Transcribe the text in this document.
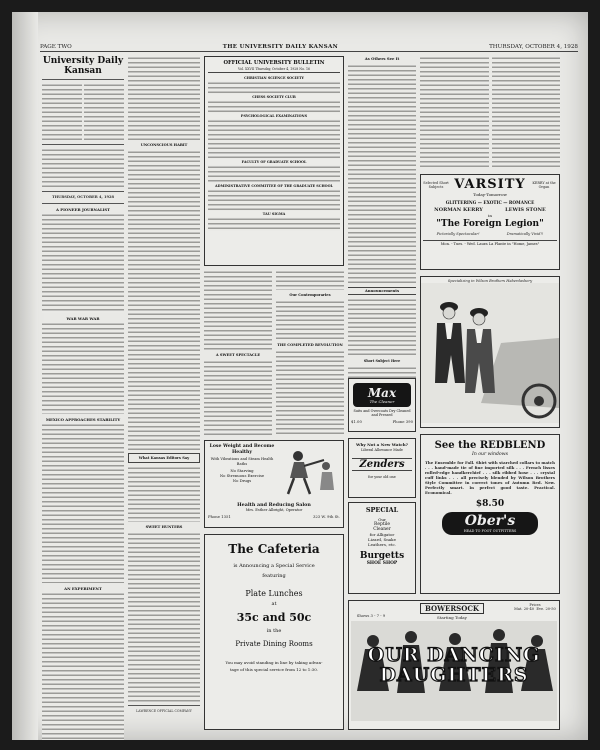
PAGE TWO	THE UNIVERSITY DAILY KANSAN	THURSDAY, OCTOBER 4, 1928
University Daily Kansan
THURSDAY, OCTOBER 4, 1928
A PIONEER JOURNALIST
WAR WAR WAR
MEXICO APPROACHES STABILITY
AN EXPERIMENT
UNCONSCIOUS HABIT
What Kansas Editors Say
SWEET HUNTERS
LAWRENCE OFFICIAL COMPANY
OFFICIAL UNIVERSITY BULLETIN
Vol. XXVII Thursday, October 4, 1928 No. 16
CHRISTIAN SCIENCE SOCIETY
CHESS SOCIETY CLUB
PSYCHOLOGICAL EXAMINATIONS
FACULTY OF GRADUATE SCHOOL
ADMINISTRATIVE COMMITTEE OF THE GRADUATE SCHOOL
TAU SIGMA
A SWEET SPECTACLE
Our Contemporaries
THE COMPLETED REVOLUTION
As Others See It
Announcements
Short Subject Here
Selected Short Subjects VARSITY	KERRY at the Organ
Today-Tomorrow
GLITTERING — EXOTIC — ROMANCE
NORMAN KERRY	LEWIS STONE
in
"The Foreign Legion"
Pictorially Spectacular!	Dramatically Vivid!!
Mon. - Tues. - Wed. Laura La Plante in "Home, James"
Specializing in Wilson Brothers Haberdashery
Lose Weight and Become Healthy
With Vibrations and Steam Health Baths
No Starving
No Strenuous Exercise
No Drugs
Health and Reducing Salon
Mrs. Esther Albright, Operator
Phone 1351	323 W. 9th St.
The Cafeteria
is Announcing a Special Service
featuring
Plate Lunches
at
35c and 50c
in the
Private Dining Rooms
You may avoid standing in line by taking advan-
tage of this special service from 12 to 1:30.
Max
The Cleaner
Suits and Overcoats Dry Cleaned and Pressed
$1.00	Phone 390
Why Not a New Watch?
Liberal Allowance Made
Zenders
for your old one
SPECIAL
Our
Reptile
Cleaner
for Alligator
Lizard, Snake
Leathers, etc.
Burgetts
SHOE SHOP
See the REDBLEND
In our windows
The Ensemble for Fall. Shirt with starched collars to match . . . hand-made tie of fine imported silk . . . French lisses rolled-edge handkerchief . . . silk ribbed hose . . . crystal cuff links . . . all precisely blended by Wilson Brothers Style Committee in correct tones of Autumn Red. New. Perfectly smart. In perfect good taste. Practical. Economical.
$8.50
Ober's
HEAD TO FOOT OUTFITTERS
Shows 3 - 7 - 9
BOWERSOCK
Starting Today
Prices
Mat. 20-40 Eve. 20-50
OUR DANCING
DAUGHTERS
